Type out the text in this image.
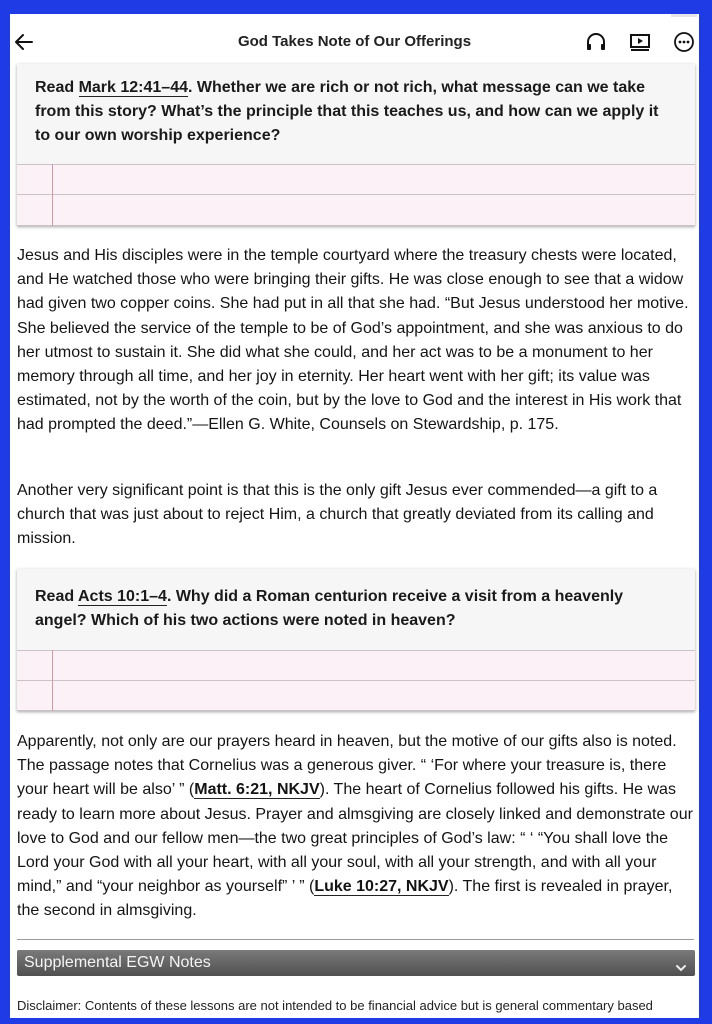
God Takes Note of Our Offerings
Read Mark 12:41–44. Whether we are rich or not rich, what message can we take from this story? What’s the principle that this teaches us, and how can we apply it to our own worship experience?
Jesus and His disciples were in the temple courtyard where the treasury chests were located, and He watched those who were bringing their gifts. He was close enough to see that a widow had given two copper coins. She had put in all that she had. “But Jesus understood her motive. She believed the service of the temple to be of God’s appointment, and she was anxious to do her utmost to sustain it. She did what she could, and her act was to be a monument to her memory through all time, and her joy in eternity. Her heart went with her gift; its value was estimated, not by the worth of the coin, but by the love to God and the interest in His work that had prompted the deed.”—Ellen G. White, Counsels on Stewardship, p. 175.
Another very significant point is that this is the only gift Jesus ever commended—a gift to a church that was just about to reject Him, a church that greatly deviated from its calling and mission.
Read Acts 10:1–4. Why did a Roman centurion receive a visit from a heavenly angel? Which of his two actions were noted in heaven?
Apparently, not only are our prayers heard in heaven, but the motive of our gifts also is noted. The passage notes that Cornelius was a generous giver. “ ‘For where your treasure is, there your heart will be also’ ” (Matt. 6:21, NKJV). The heart of Cornelius followed his gifts. He was ready to learn more about Jesus. Prayer and almsgiving are closely linked and demonstrate our love to God and our fellow men—the two great principles of God’s law: “ ‘ “You shall love the Lord your God with all your heart, with all your soul, with all your strength, and with all your mind,” and “your neighbor as yourself” ’ ” (Luke 10:27, NKJV). The first is revealed in prayer, the second in almsgiving.
Supplemental EGW Notes
Disclaimer: Contents of these lessons are not intended to be financial advice but is general commentary based
